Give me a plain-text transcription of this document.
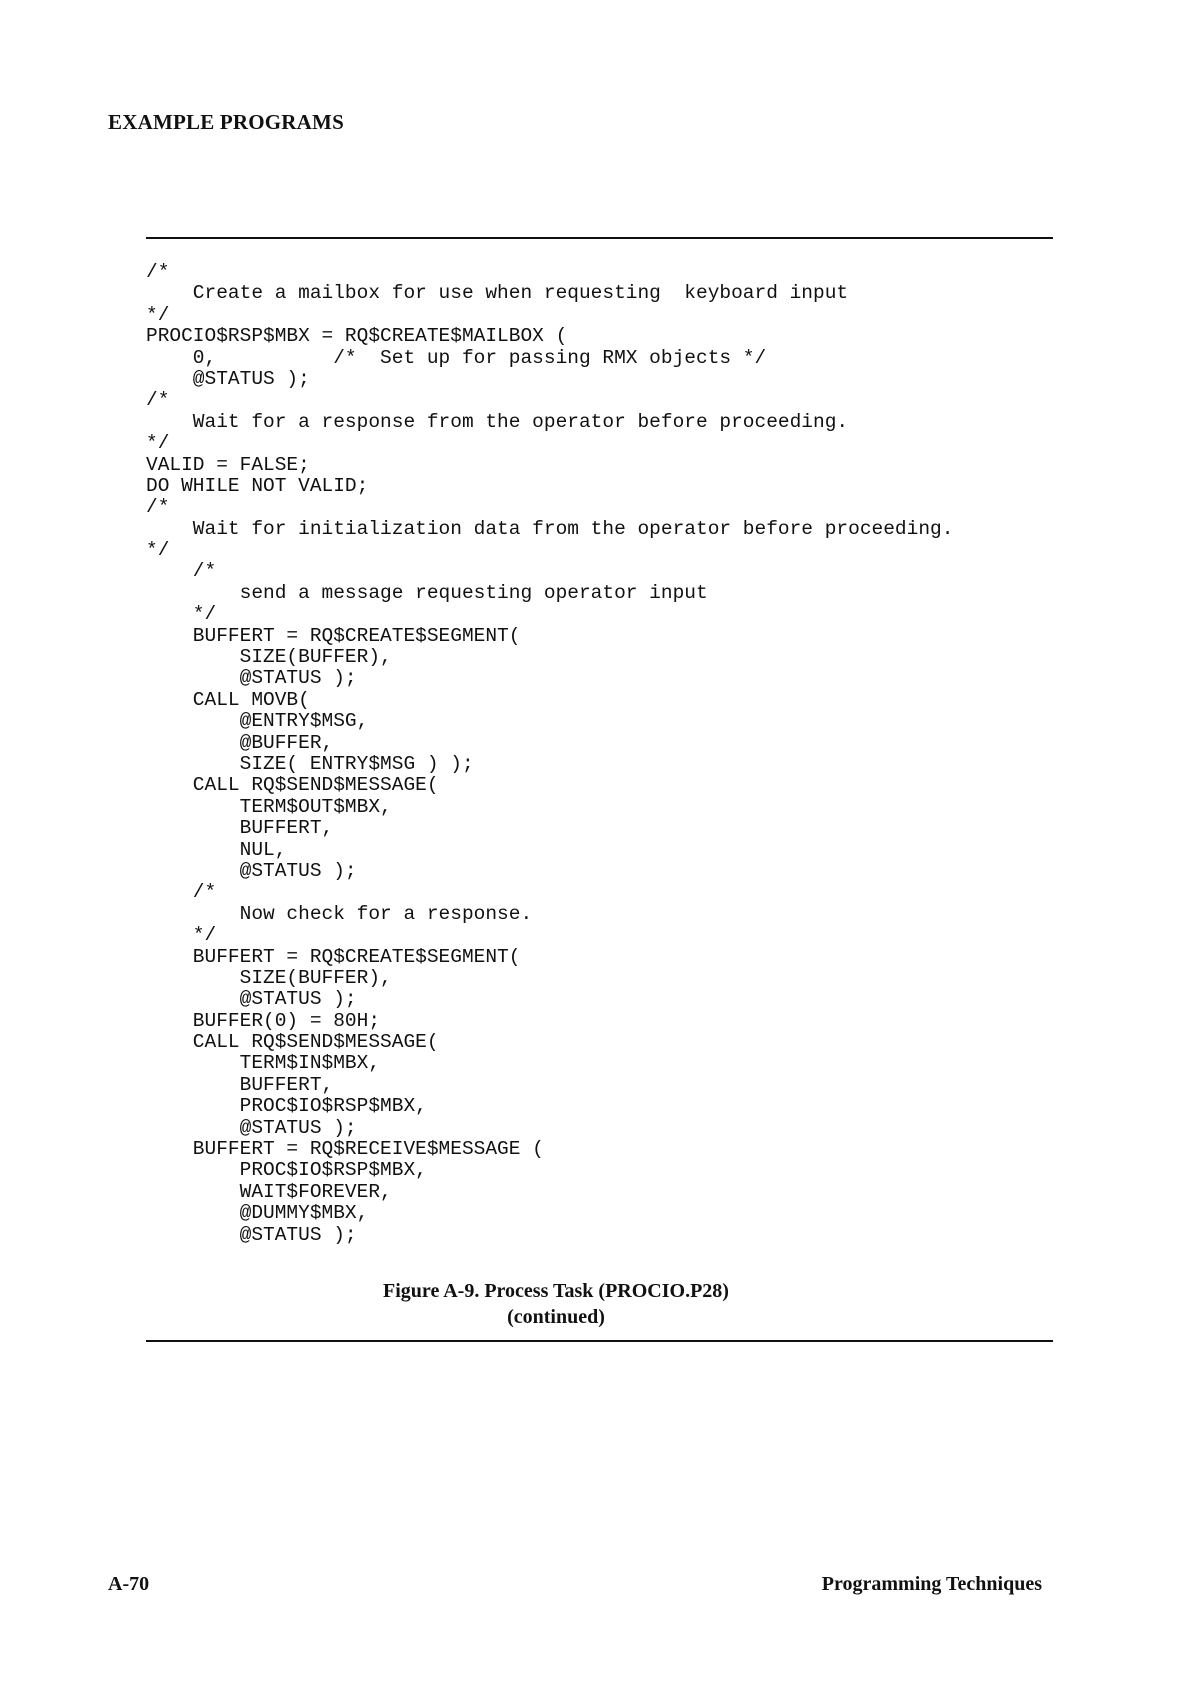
EXAMPLE PROGRAMS
/*
Create a mailbox for use when requesting  keyboard input
*/
PROCIO$RSP$MBX = RQ$CREATE$MAILBOX (
0,          /*  Set up for passing RMX objects */
@STATUS );
/*
Wait for a response from the operator before proceeding.
*/
VALID = FALSE;
DO WHILE NOT VALID;
/*
Wait for initialization data from the operator before proceeding.
*/
/*
send a message requesting operator input
*/
BUFFERT = RQ$CREATE$SEGMENT(
SIZE(BUFFER),
@STATUS );
CALL MOVB(
@ENTRY$MSG,
@BUFFER,
SIZE( ENTRY$MSG ) );
CALL RQ$SEND$MESSAGE(
TERM$OUT$MBX,
BUFFERT,
NUL,
@STATUS );
/*
Now check for a response.
*/
BUFFERT = RQ$CREATE$SEGMENT(
SIZE(BUFFER),
@STATUS );
BUFFER(0) = 80H;
CALL RQ$SEND$MESSAGE(
TERM$IN$MBX,
BUFFERT,
PROC$IO$RSP$MBX,
@STATUS );
BUFFERT = RQ$RECEIVE$MESSAGE (
PROC$IO$RSP$MBX,
WAIT$FOREVER,
@DUMMY$MBX,
@STATUS );
Figure A-9. Process Task (PROCIO.P28)
(continued)
A-70	Programming Techniques
